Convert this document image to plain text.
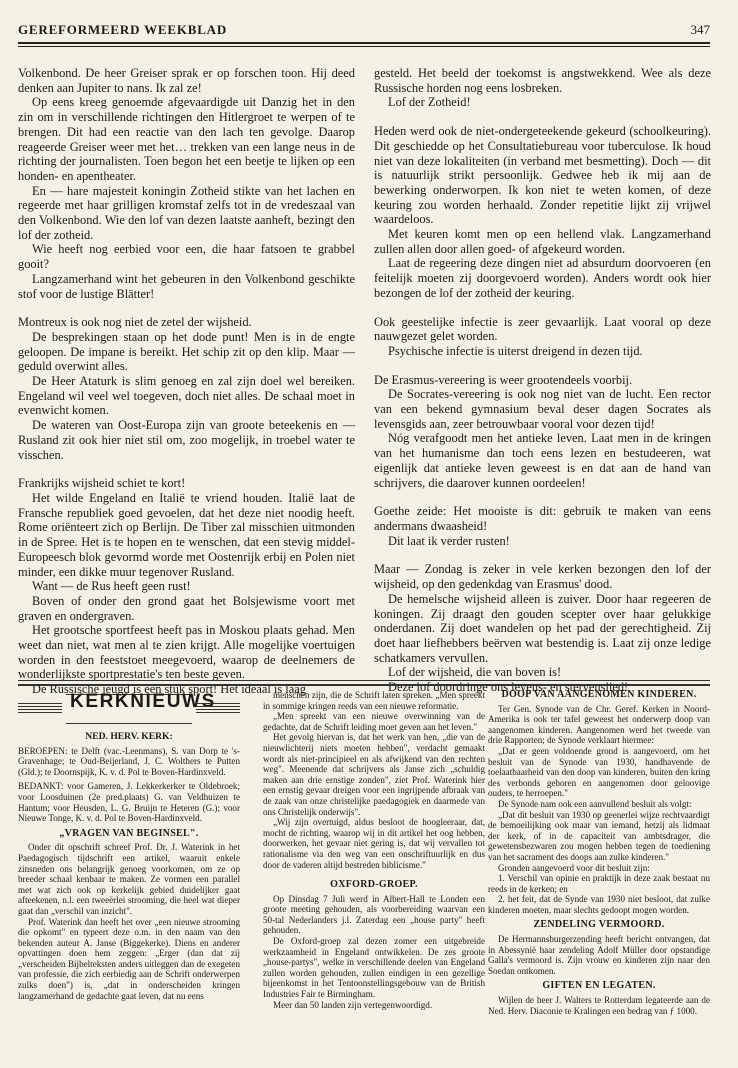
GEREFORMEERD WEEKBLAD	347

Volkenbond. De heer Greiser sprak er op forschen toon. Hij deed denken aan Jupiter to nans. Ik zal ze!

Op eens kreeg genoemde afgevaardigde uit Danzig het in den zin om in verschillende richtingen den Hitlergroet te werpen of te brengen. Dit had een reactie van den lach ten gevolge. Daarop reageerde Greiser weer met het… trekken van een lange neus in de richting der journalisten. Toen begon het een beetje te lijken op een honden- en apentheater.

En — hare majesteit koningin Zotheid stikte van het lachen en regeerde met haar grilligen kromstaf zelfs tot in de vredeszaal van den Volkenbond. Wie den lof van dezen laatste aanheft, bezingt den lof der zotheid.

Wie heeft nog eerbied voor een, die haar fatsoen te grabbel gooit?

Langzamerhand wint het gebeuren in den Volkenbond geschikte stof voor de lustige Blätter!

Montreux is ook nog niet de zetel der wijsheid.

De besprekingen staan op het dode punt! Men is in de engte geloopen. De impane is bereikt. Het schip zit op den klip. Maar — geduld overwint alles.

De Heer Ataturk is slim genoeg en zal zijn doel wel bereiken. Engeland wil veel wel toegeven, doch niet alles. De schaal moet in evenwicht komen.

De wateren van Oost-Europa zijn van groote beteekenis en — Rusland zit ook hier niet stil om, zoo mogelijk, in troebel water te visschen.

Frankrijks wijsheid schiet te kort!

Het wilde Engeland en Italië te vriend houden. Italië laat de Fransche republiek goed gevoelen, dat het deze niet noodig heeft. Rome oriënteert zich op Berlijn. De Tiber zal misschien uitmonden in de Spree. Het is te hopen en te wenschen, dat een stevig middel-Europeesch blok gevormd worde met Oostenrijk erbij en Polen niet minder, een dikke muur tegenover Rusland.

Want — de Rus heeft geen rust!

Boven of onder den grond gaat het Bolsjewisme voort met graven en ondergraven.

Het grootsche sportfeest heeft pas in Moskou plaats gehad. Men weet dan niet, wat men al te zien krijgt. Alle mogelijke voertuigen worden in den feeststoet meegevoerd, waarop de deelnemers de wonderlijkste sportprestatie's ten beste geven.

De Russische jeugd is één stuk sport! Het ideaal is laag

gesteld. Het beeld der toekomst is angstwekkend. Wee als deze Russische horden nog eens losbreken.

Lof der Zotheid!

Heden werd ook de niet-ondergeteekende gekeurd (schoolkeuring). Dit geschiedde op het Consultatiebureau voor tuberculose. Ik houd niet van deze lokaliteiten (in verband met besmetting). Doch — dit is natuurlijk strikt persoonlijk. Gedwee heb ik mij aan de bewerking onderworpen. Ik kon niet te weten komen, of deze keuring zou worden herhaald. Zonder repetitie lijkt zij vrijwel waardeloos.

Met keuren komt men op een hellend vlak. Langzamerhand zullen allen door allen goed- of afgekeurd worden.

Laat de regeering deze dingen niet ad absurdum doorvoeren (en feitelijk moeten zij doorgevoerd worden). Anders wordt ook hier bezongen de lof der zotheid der keuring.

Ook geestelijke infectie is zeer gevaarlijk. Laat vooral op deze nauwgezet gelet worden.

Psychische infectie is uiterst dreigend in dezen tijd.

De Erasmus-vereering is weer grootendeels voorbij.

De Socrates-vereering is ook nog niet van de lucht. Een rector van een bekend gymnasium beval deser dagen Socrates als levensgids aan, zeer betrouwbaar vooral voor dezen tijd!

Nóg verafgoodt men het antieke leven. Laat men in de kringen van het humanisme dan toch eens lezen en bestudeeren, wat eigenlijk dat antieke leven geweest is en dat aan de hand van schrijvers, die daarover kunnen oordeelen!

Goethe zeide: Het mooiste is dit: gebruik te maken van eens andermans dwaasheid!

Dit laat ik verder rusten!

Maar — Zondag is zeker in vele kerken bezongen den lof der wijsheid, op den gedenkdag van Erasmus' dood.

De hemelsche wijsheid alleen is zuiver. Door haar regeeren de koningen. Zij draagt den gouden scepter over haar gelukkige onderdanen. Zij doet wandelen op het pad der gerechtigheid. Zij doet haar liefhebbers beërven wat bestendig is. Laat zij onze ledige schatkamers vervullen.

Lof der wijsheid, die van boven is!

Deze lof doordringe ons levens- en stervenslied!

KERKNIEUWS
NED. HERV. KERK:

BEROEPEN: te Delft (vac.-Leenmans), S. van Dorp te 's-Gravenhage; te Oud-Beijerland, J. C. Wolthers te Putten (Gld.); te Doornspijk, K. v. d. Pol te Boven-Hardinxveld.

BEDANKT: voor Gameren, J. Lekkerkerker te Oldebroek; voor Loosduinen (2e pred.plaats) G. van Veldhuizen te Hantum; voor Heusden, L. G. Bruijn te Heteren (G.); voor Nieuwe Tonge, K. v. d. Pol te Boven-Hardinxveld.

„VRAGEN VAN BEGINSEL".

Onder dit opschrift schreef Prof. Dr. J. Waterink in het Paedagogisch tijdschrift een artikel, waaruit enkele zinsneden ons belangrijk genoeg voorkomen, om ze op breeder schaal kenbaar te maken. Ze vormen een parallel met wat zich ook op kerkelijk gebied duidelijker gaat afteekenen, n.l. een tweeërlei strooming, die heel wat dieper gaat dan „verschil van inzicht".

Prof. Waterink dan heeft het over „een nieuwe strooming die opkomt" en typeert deze o.m. in den naam van den bekenden auteur A. Janse (Biggekerke). Diens en anderer opvattingen doen hem zeggen: „Erger (dan dat zij „verscheiden Bijbelteksten anders uitleggen dan de exegeten van professie, die zich eerbiedig aan de Schrift onderwerpen zulks doen") is, „dat in onderscheiden kringen langzamerhand de gedachte gaat leven, dat nu eens

menschen zijn, die de Schrift laten spreken. „Men spreekt in sommige kringen reeds van een nieuwe reformatie.

„Men spreekt van een nieuwe overwinning van de gedachte, dat de Schrift leiding moet geven aan het leven."

Het gevolg hiervan is, dat het werk van hen, „die van de nieuwlichterij niets moeten hebben", verdacht gemaakt wordt als niet-principieel en als afwijkend van den rechten weg". Meenende dat schrijvers als Janse zich „schuldig maken aan drie ernstige zonden", ziet Prof. Waterink hier een ernstig gevaar dreigen voor een ingrijpende afbraak van de zaak van onze christelijke paedagogiek en daarmede van ons Christelijk onderwijs".

„Wij zijn overtuigd, aldus besloot de hoogleeraar, dat, mocht de richting, waarop wij in dit artikel het oog hebben, doorwerken, het gevaar niet gering is, dat wij vervallen tot rationalisme via den weg van een onschriftuurlijk en dus door de vaderen altijd bestreden biblicisme."

OXFORD-GROEP.

Op Dinsdag 7 Juli werd in Albert-Hall te Londen een groote meeting gehouden, als voorbereiding waarvan een 50-tal Nederlanders j.l. Zaterdag een „house party" heeft gehouden.

De Oxford-groep zal dezen zomer een uitgebreide werkzaamheid in Engeland ontwikkelen. De zes groote „house-partys", welke in verschillende deelen van Engeland zullen worden gehouden, zullen eindigen in een gezellige bijeenkomst in het Tentoonstellingsgebouw van de British Industries Fair te Birmingham.

Meer dan 50 landen zijn vertegenwoordigd.

DOOP VAN AANGENOMEN KINDEREN.

Ter Gen. Synode van de Chr. Geref. Kerken in Noord-Amerika is ook ter tafel geweest het onderwerp doop van aangenomen kinderen. Aangenomen werd het tweede van drie Rapporten; de Synode verklaart hiermee:

„Dat er geen voldoende grond is aangevoerd, om het besluit van de Synode van 1930, handhavende de toelaatbaarheid van den doop van kinderen, buiten den kring des verbonds geboren en aangenomen door geloovige ouders, te herroepen."

De Synode nam ook een aanvullend besluit als volgt:

„Dat dit besluit van 1930 op geenerlei wijze rechtvaardigt de bemoeilijking ook maar van iemand, hetzij als lidmaat der kerk, of in de capaciteit van ambtsdrager, die gewetensbezwaren zou mogen hebben tegen de toediening van het sacrament des doops aan zulke kinderen."

Gronden aangevoerd voor dit besluit zijn:

1. Verschil van opinie en praktijk in deze zaak bestaat nu reeds in de kerken; en

2. het feit, dat de Synde van 1930 niet besloot, dat zulke kinderen moeten, maar slechts gedoopt mogen worden.

ZENDELING VERMOORD.

De Hermannsburgerzending heeft bericht ontvangen, dat in Abessynië haar zendeling Adolf Müller door opstandige Galla's vermoord is. Zijn vrouw en kinderen zijn naar den Soedan ontkomen.

GIFTEN EN LEGATEN.

Wijlen de heer J. Walters te Rotterdam legateerde aan de Ned. Herv. Diaconie te Kralingen een bedrag van ƒ 1000.
